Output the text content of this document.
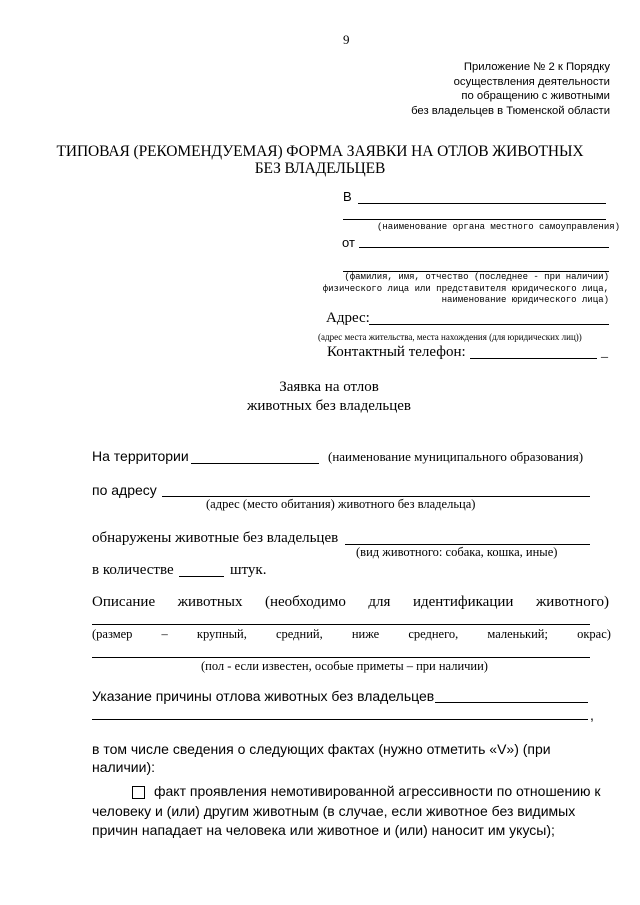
9
Приложение № 2 к Порядку
осуществления деятельности
по обращению с животными
без владельцев в Тюменской области
ТИПОВАЯ (РЕКОМЕНДУЕМАЯ) ФОРМА ЗАЯВКИ НА ОТЛОВ ЖИВОТНЫХ
БЕЗ ВЛАДЕЛЬЦЕВ
В
(наименование органа местного самоуправления)
от
(фамилия, имя, отчество (последнее - при наличии)
физического лица или представителя юридического лица,
наименование юридического лица)
Адрес:
(адрес места жительства, места нахождения (для юридических лиц))
Контактный телефон:	_
Заявка на отлов
животных без владельцев
На территории	(наименование муниципального образования)
по адресу
(адрес (место обитания) животного без владельца)
обнаружены животные без владельцев
(вид животного: собака, кошка, иные)
в количестве	штук.
Описание животных (необходимо для идентификации животного)
(размер – крупный, средний, ниже среднего, маленький; окрас)
(пол - если известен, особые приметы – при наличии)
Указание причины отлова животных без владельцев
,
в том числе сведения о следующих фактах (нужно отметить «V») (при
наличии):
факт проявления немотивированной агрессивности по отношению к
человеку и (или) другим животным (в случае, если животное без видимых
причин нападает на человека или животное и (или) наносит им укусы);
